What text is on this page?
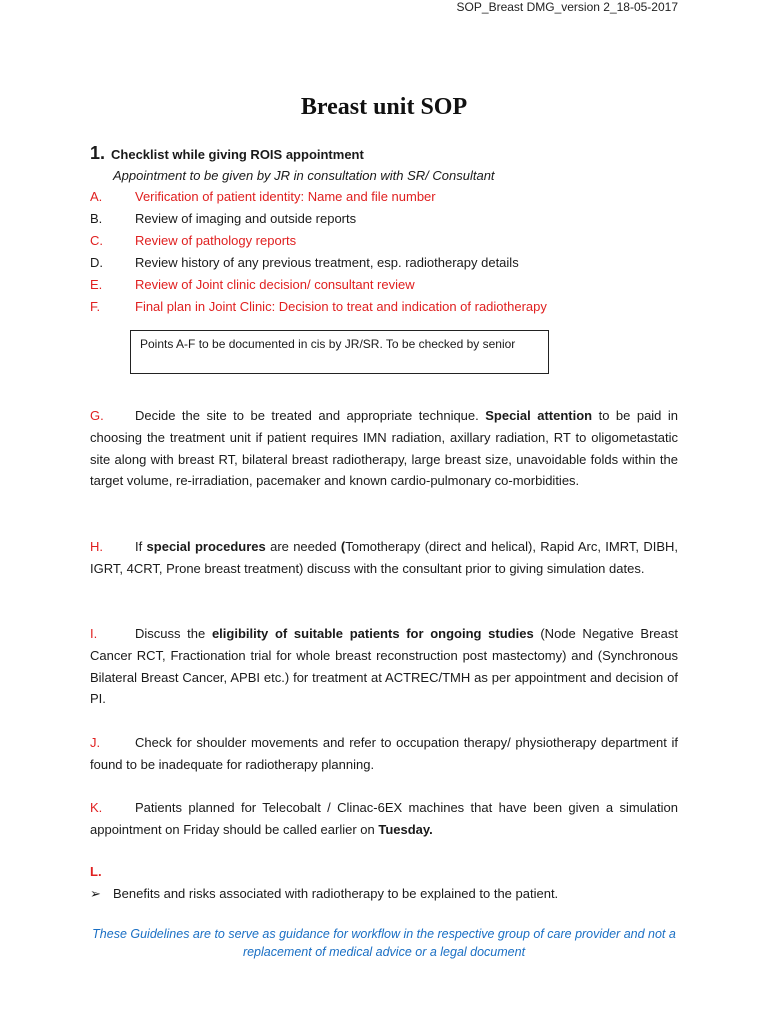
SOP_Breast DMG_version 2_18-05-2017
Breast unit SOP
1. Checklist while giving ROIS appointment
Appointment to be given by JR in consultation with SR/ Consultant
A.	Verification of patient identity: Name and file number
B.	Review of imaging and outside reports
C. Review of pathology reports
D. Review history of any previous treatment, esp. radiotherapy details
E.	Review of Joint clinic decision/ consultant review
F.	Final plan in Joint Clinic: Decision to treat and indication of radiotherapy
Points A-F to be documented in cis by JR/SR. To be checked by senior
G. Decide the site to be treated and appropriate technique. Special attention to be paid in choosing the treatment unit if patient requires IMN radiation, axillary radiation, RT to oligometastatic site along with breast RT, bilateral breast radiotherapy, large breast size, unavoidable folds within the target volume, re-irradiation, pacemaker and known cardio-pulmonary co-morbidities.
H. If special procedures are needed (Tomotherapy (direct and helical), Rapid Arc, IMRT, DIBH, IGRT, 4CRT, Prone breast treatment) discuss with the consultant prior to giving simulation dates.
I.	Discuss the eligibility of suitable patients for ongoing studies (Node Negative Breast Cancer RCT, Fractionation trial for whole breast reconstruction post mastectomy) and (Synchronous Bilateral Breast Cancer, APBI etc.) for treatment at ACTREC/TMH as per appointment and decision of PI.
J.	Check for shoulder movements and refer to occupation therapy/ physiotherapy department if found to be inadequate for radiotherapy planning.
K.	Patients planned for Telecobalt / Clinac-6EX machines that have been given a simulation appointment on Friday should be called earlier on Tuesday.
L.
➢ Benefits and risks associated with radiotherapy to be explained to the patient.
These Guidelines are to serve as guidance for workflow in the respective group of care provider and not a replacement of medical advice or a legal document
